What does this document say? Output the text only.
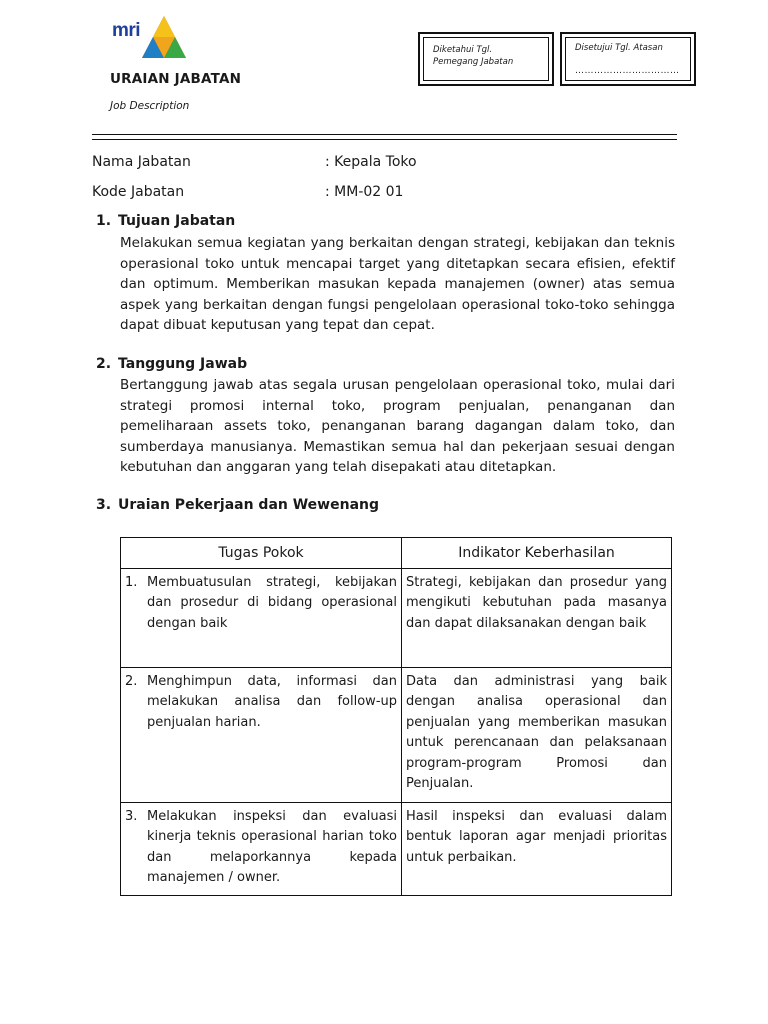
mri
URAIAN JABATAN
Job Description
Diketahui Tgl.
Pemegang Jabatan
Disetujui Tgl. Atasan
……………………………
Nama Jabatan	: Kepala Toko
Kode Jabatan	: MM-02 01
1. Tujuan Jabatan
Melakukan semua kegiatan yang berkaitan dengan strategi, kebijakan dan teknis operasional toko untuk mencapai target yang ditetapkan secara efisien, efektif dan optimum. Memberikan masukan kepada manajemen (owner) atas semua aspek yang berkaitan dengan fungsi pengelolaan operasional toko-toko sehingga dapat dibuat keputusan yang tepat dan cepat.
2. Tanggung Jawab
Bertanggung jawab atas segala urusan pengelolaan operasional toko, mulai dari strategi promosi internal toko, program penjualan, penanganan dan pemeliharaan assets toko, penanganan barang dagangan dalam toko, dan sumberdaya manusianya. Memastikan semua hal dan pekerjaan sesuai dengan kebutuhan dan anggaran yang telah disepakati atau ditetapkan.
3. Uraian Pekerjaan dan Wewenang
Tugas Pokok	Indikator Keberhasilan

1. Membuatusulan strategi, kebijakan dan prosedur di bidang operasional dengan baik	Strategi, kebijakan dan prosedur yang mengikuti kebutuhan pada masanya dan dapat dilaksanakan dengan baik

2. Menghimpun data, informasi dan melakukan analisa dan follow-up penjualan harian.	Data dan administrasi yang baik dengan analisa operasional dan penjualan yang memberikan masukan untuk perencanaan dan pelaksanaan program-program Promosi dan Penjualan.

3. Melakukan inspeksi dan evaluasi kinerja teknis operasional harian toko dan melaporkannya kepada manajemen / owner.	Hasil inspeksi dan evaluasi dalam bentuk laporan agar menjadi prioritas untuk perbaikan.
